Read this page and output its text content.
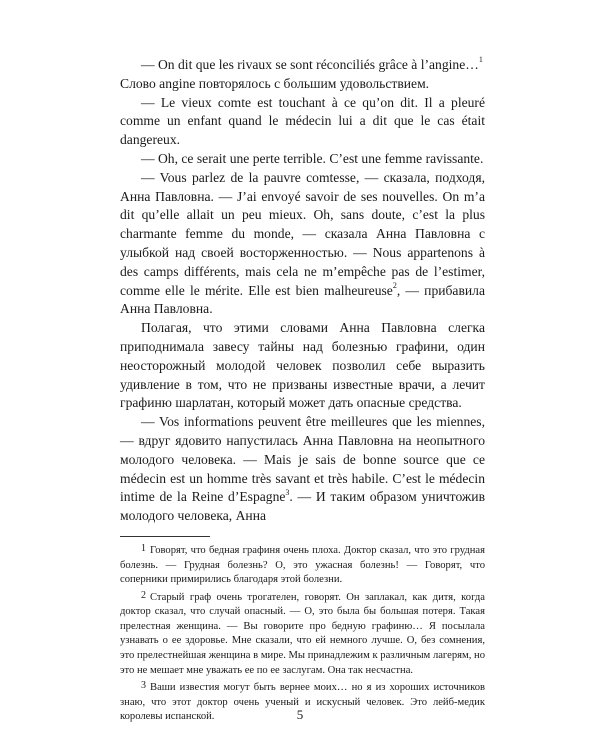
— On dit que les rivaux se sont réconciliés grâce à l’angine…$^1$

Слово angine повторялось с большим удовольствием.

— Le vieux comte est touchant à ce qu’on dit. Il a pleuré comme un enfant quand le médecin lui a dit que le cas était dangereux.

— Oh, ce serait une perte terrible. C’est une femme ravissante.

— Vous parlez de la pauvre comtesse, — сказала, подходя, Анна Павловна. — J’ai envoyé savoir de ses nouvelles. On m’a dit qu’elle allait un peu mieux. Oh, sans doute, c’est la plus charmante femme du monde, — сказала Анна Павловна с улыбкой над своей восторженностью. — Nous appartenons à des camps différents, mais cela ne m’empêche pas de l’estimer, comme elle le mérite. Elle est bien malheureuse$^2$, — прибавила Анна Павловна.

Полагая, что этими словами Анна Павловна слегка приподнимала завесу тайны над болезнью графини, один неосторожный молодой человек позволил себе выразить удивление в том, что не призваны известные врачи, а лечит графиню шарлатан, который может дать опасные средства.

— Vos informations peuvent être meilleures que les miennes, — вдруг ядовито напустилась Анна Павловна на неопытного молодого человека. — Mais je sais de bonne source que ce médecin est un homme très savant et très habile. C’est le médecin intime de la Reine d’Espagne$^3$. — И таким образом уничтожив молодого человека, Анна

1 Говорят, что бедная графиня очень плоха. Доктор сказал, что это грудная болезнь. — Грудная болезнь? О, это ужасная болезнь! — Говорят, что соперники примирились благодаря этой болезни.

2 Старый граф очень трогателен, говорят. Он заплакал, как дитя, когда доктор сказал, что случай опасный. — О, это была бы большая потеря. Такая прелестная женщина. — Вы говорите про бедную графиню… Я посылала узнавать о ее здоровье. Мне сказали, что ей немного лучше. О, без сомнения, это прелестнейшая женщина в мире. Мы принадлежим к различным лагерям, но это не мешает мне уважать ее по ее заслугам. Она так несчастна.

3 Ваши известия могут быть вернее моих… но я из хороших источников знаю, что этот доктор очень ученый и искусный человек. Это лейб-медик королевы испанской.	5
